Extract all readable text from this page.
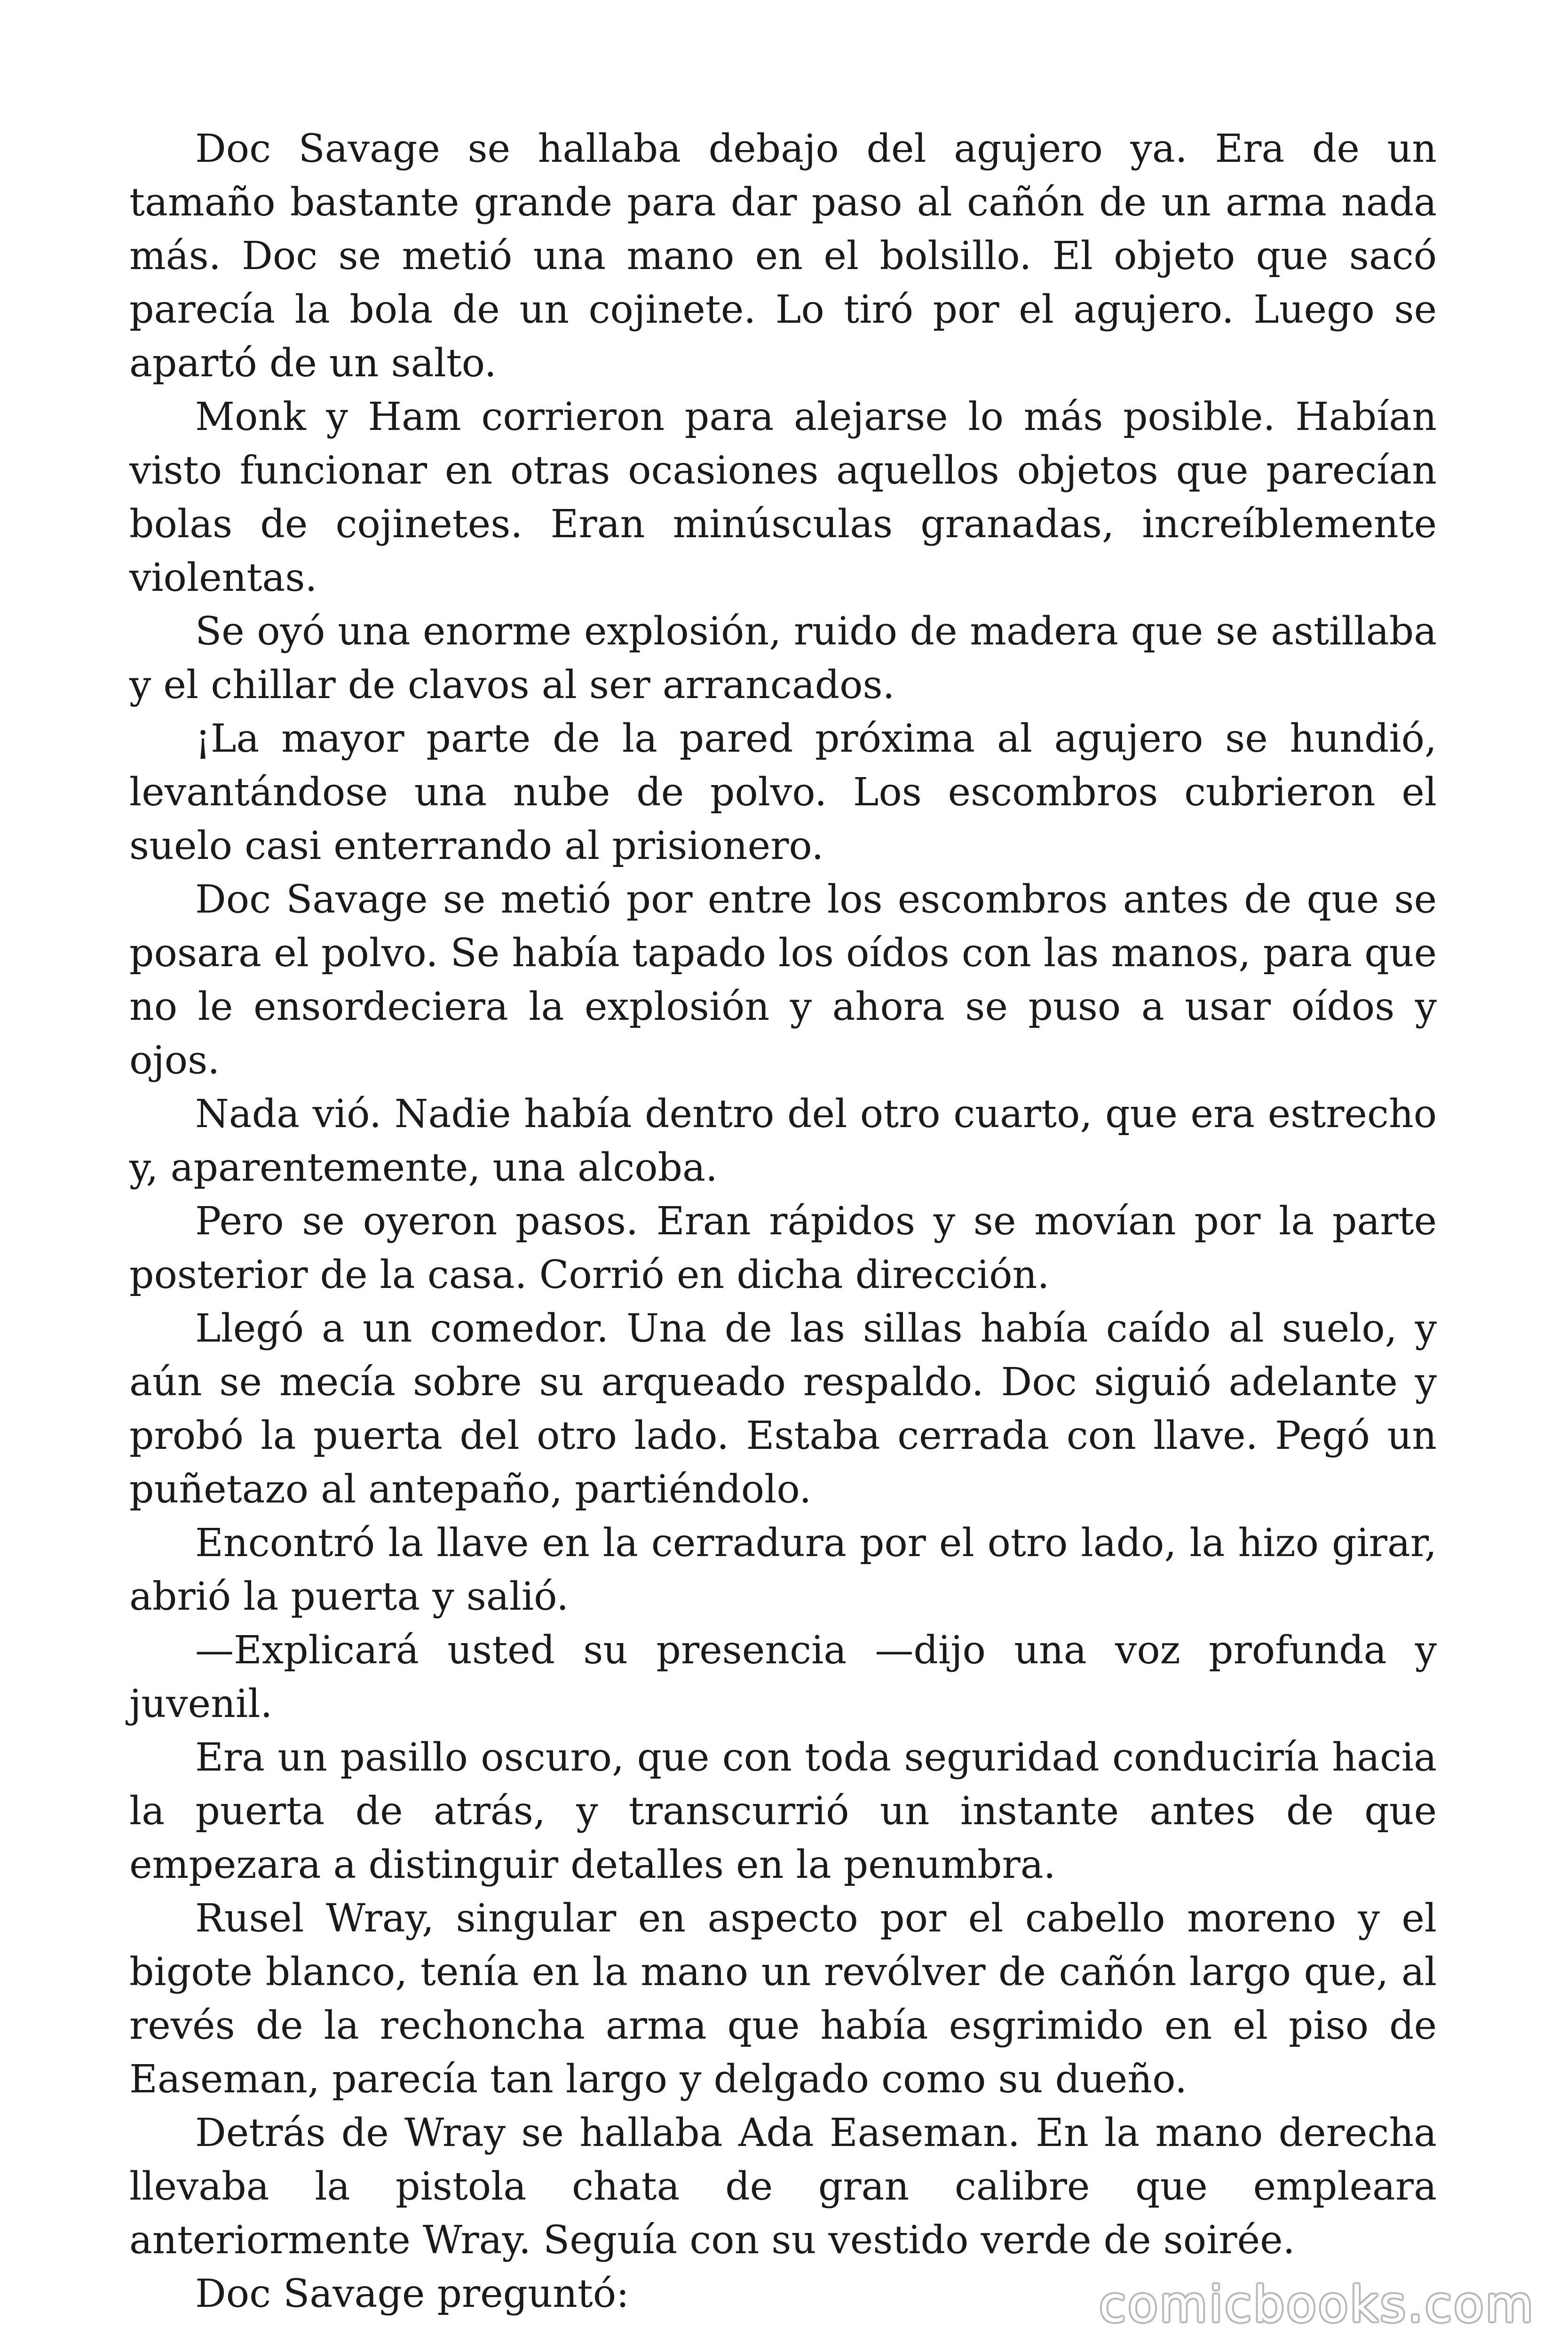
Doc Savage se hallaba debajo del agujero ya. Era de un tamaño bastante grande para dar paso al cañón de un arma nada más. Doc se metió una mano en el bolsillo. El objeto que sacó parecía la bola de un cojinete. Lo tiró por el agujero. Luego se apartó de un salto.

Monk y Ham corrieron para alejarse lo más posible. Habían visto funcionar en otras ocasiones aquellos objetos que parecían bolas de cojinetes. Eran minúsculas granadas, increíblemente violentas.

Se oyó una enorme explosión, ruido de madera que se astillaba y el chillar de clavos al ser arrancados.

¡La mayor parte de la pared próxima al agujero se hundió, levantándose una nube de polvo. Los escombros cubrieron el suelo casi enterrando al prisionero.

Doc Savage se metió por entre los escombros antes de que se posara el polvo. Se había tapado los oídos con las manos, para que no le ensordeciera la explosión y ahora se puso a usar oídos y ojos.

Nada vió. Nadie había dentro del otro cuarto, que era estrecho y, aparentemente, una alcoba.

Pero se oyeron pasos. Eran rápidos y se movían por la parte posterior de la casa. Corrió en dicha dirección.

Llegó a un comedor. Una de las sillas había caído al suelo, y aún se mecía sobre su arqueado respaldo. Doc siguió adelante y probó la puerta del otro lado. Estaba cerrada con llave. Pegó un puñetazo al antepaño, partiéndolo.

Encontró la llave en la cerradura por el otro lado, la hizo girar, abrió la puerta y salió.

—Explicará usted su presencia —dijo una voz profunda y juvenil.

Era un pasillo oscuro, que con toda seguridad conduciría hacia la puerta de atrás, y transcurrió un instante antes de que empezara a distinguir detalles en la penumbra.

Rusel Wray, singular en aspecto por el cabello moreno y el bigote blanco, tenía en la mano un revólver de cañón largo que, al revés de la rechoncha arma que había esgrimido en el piso de Easeman, parecía tan largo y delgado como su dueño.

Detrás de Wray se hallaba Ada Easeman. En la mano derecha llevaba la pistola chata de gran calibre que empleara anteriormente Wray. Seguía con su vestido verde de soirée.

Doc Savage preguntó:	comicbooks.com
